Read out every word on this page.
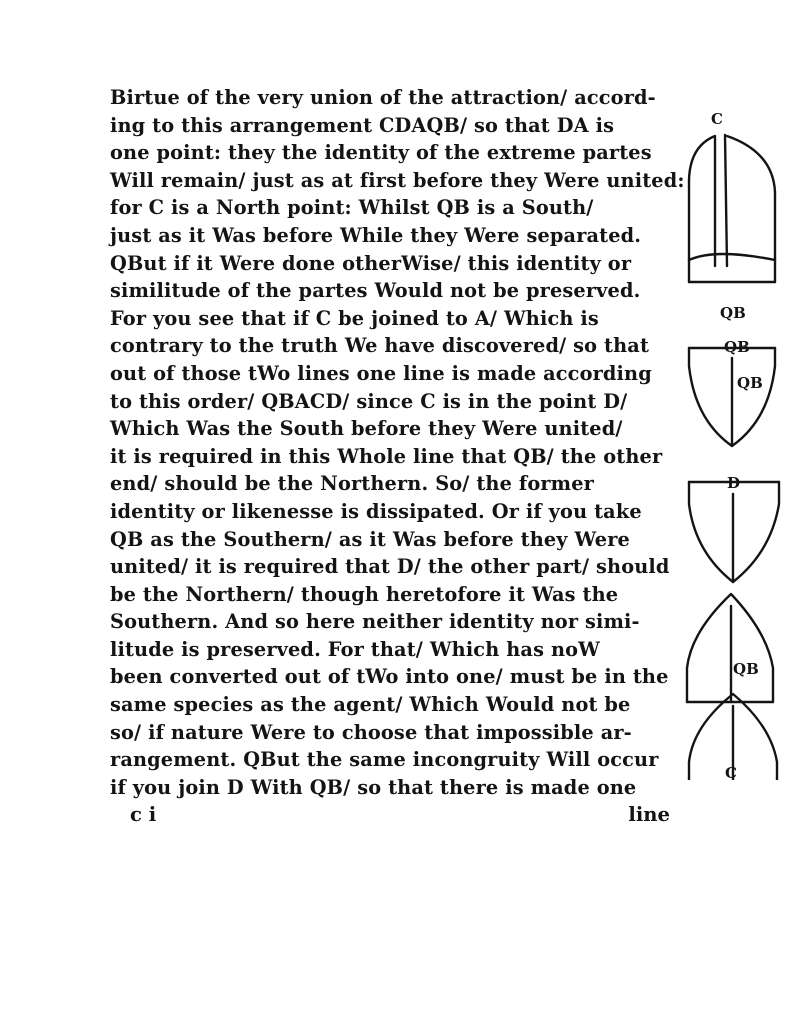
Birtue of the very union of the attraction/ accord‐
ing to this arrangement CDAQB/ so that DA is
one point: they the identity of the extreme partes
Will remain/ just as at first before they Were united:
for C is a North point: Whilst QB is a South/
just as it Was before While they Were separated.
QBut if it Were done otherWise/ this identity or
similitude of the partes Would not be preserved.
For you see that if C be joined to A/ Which is
contrary to the truth We have discovered/ so that
out of those tWo lines one line is made according
to this order/ QBACD/ since C is in the point D/
Which Was the South before they Were united/
it is required in this Whole line that QB/ the other
end/ should be the Northern. So/ the former
identity or likenesse is dissipated. Or if you take
QB as the Southern/ as it Was before they Were
united/ it is required that D/ the other part/ should
be the Northern/ though heretofore it Was the
Southern. And so here neither identity nor simi‐
litude is preserved. For that/ Which has noW
been converted out of tWo into one/ must be in the
same species as the agent/ Which Would not be
so/ if nature Were to choose that impossible ar‐
rangement. QBut the same incongruity Will occur
if you join D With QB/ so that there is made one
c i	line
C
QB
QB
QB
D
QB
C
